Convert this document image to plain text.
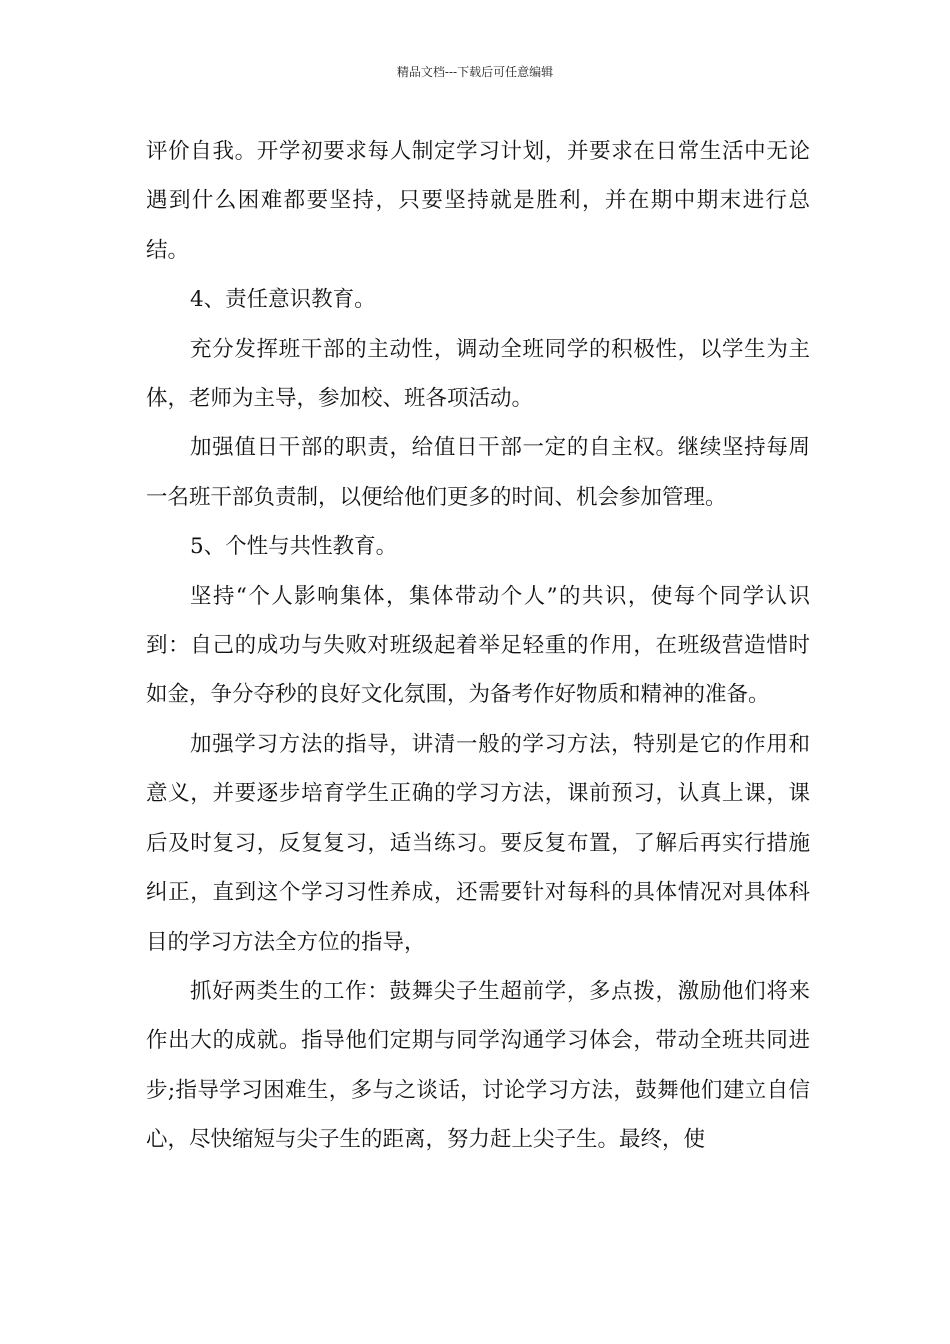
精品文档---下载后可任意编辑

评价自我。开学初要求每人制定学习计划，并要求在日常生活中无论遇到什么困难都要坚持，只要坚持就是胜利，并在期中期末进行总结。

4、责任意识教育。

充分发挥班干部的主动性，调动全班同学的积极性，以学生为主体，老师为主导，参加校、班各项活动。

加强值日干部的职责，给值日干部一定的自主权。继续坚持每周一名班干部负责制，以便给他们更多的时间、机会参加管理。

5、个性与共性教育。

坚持“个人影响集体，集体带动个人”的共识，使每个同学认识到：自己的成功与失败对班级起着举足轻重的作用，在班级营造惜时如金，争分夺秒的良好文化氛围，为备考作好物质和精神的准备。

加强学习方法的指导，讲清一般的学习方法，特别是它的作用和意义，并要逐步培育学生正确的学习方法，课前预习，认真上课，课后及时复习，反复复习，适当练习。要反复布置，了解后再实行措施纠正，直到这个学习习性养成，还需要针对每科的具体情况对具体科目的学习方法全方位的指导，

抓好两类生的工作：鼓舞尖子生超前学，多点拨，激励他们将来作出大的成就。指导他们定期与同学沟通学习体会，带动全班共同进步;指导学习困难生，多与之谈话，讨论学习方法，鼓舞他们建立自信心，尽快缩短与尖子生的距离，努力赶上尖子生。最终，使
